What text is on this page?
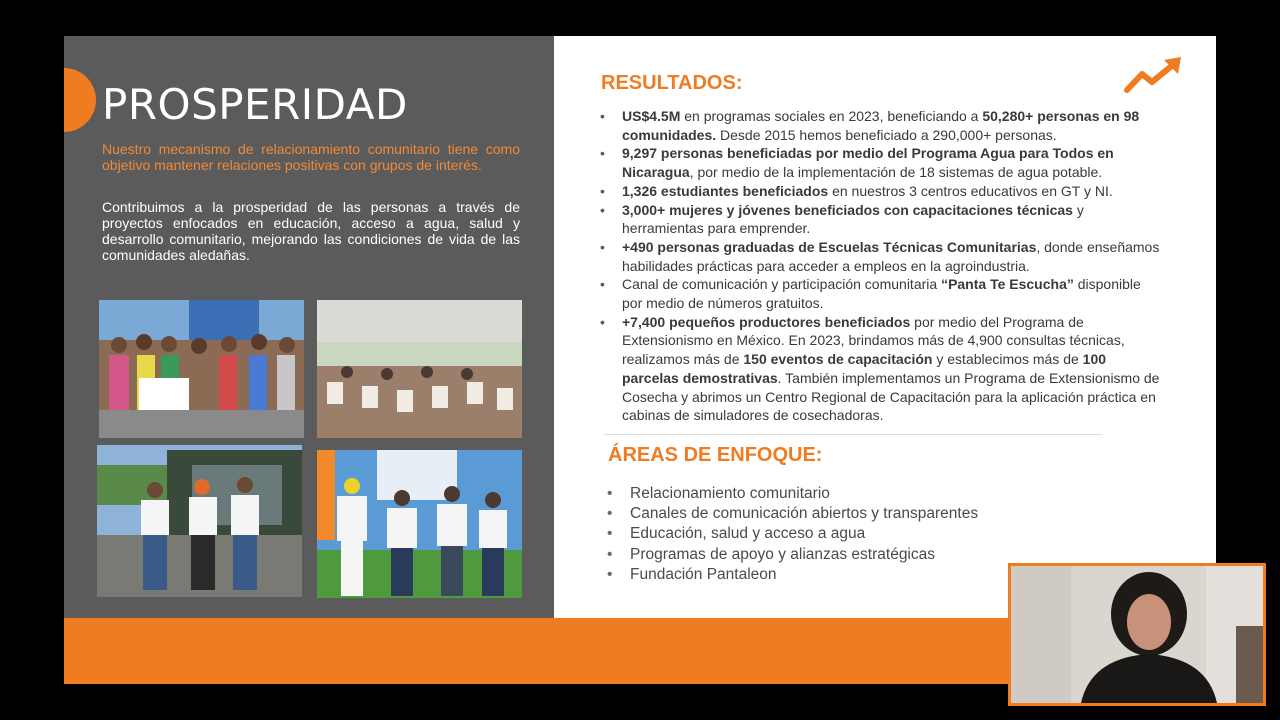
PROSPERIDAD

Nuestro mecanismo de relacionamiento comunitario tiene como objetivo mantener relaciones positivas con grupos de interés.

Contribuimos a la prosperidad de las personas a través de proyectos enfocados en educación, acceso a agua, salud y desarrollo comunitario, mejorando las condiciones de vida de las comunidades aledañas.

RESULTADOS:
• US$4.5M en programas sociales en 2023, beneficiando a 50,280+ personas en 98 comunidades. Desde 2015 hemos beneficiado a 290,000+ personas.
• 9,297 personas beneficiadas por medio del Programa Agua para Todos en Nicaragua, por medio de la implementación de 18 sistemas de agua potable.
• 1,326 estudiantes beneficiados en nuestros 3 centros educativos en GT y NI.
• 3,000+ mujeres y jóvenes beneficiados con capacitaciones técnicas y herramientas para emprender.
• +490 personas graduadas de Escuelas Técnicas Comunitarias, donde enseñamos habilidades prácticas para acceder a empleos en la agroindustria.
• Canal de comunicación y participación comunitaria “Panta Te Escucha” disponible por medio de números gratuitos.
• +7,400 pequeños productores beneficiados por medio del Programa de Extensionismo en México. En 2023, brindamos más de 4,900 consultas técnicas, realizamos más de 150 eventos de capacitación y establecimos más de 100 parcelas demostrativas. También implementamos un Programa de Extensionismo de Cosecha y abrimos un Centro Regional de Capacitación para la aplicación práctica en cabinas de simuladores de cosechadoras.
ÁREAS DE ENFOQUE:
• Relacionamiento comunitario
• Canales de comunicación abiertos y transparentes
• Educación, salud y acceso a agua
• Programas de apoyo y alianzas estratégicas
• Fundación Pantaleon
